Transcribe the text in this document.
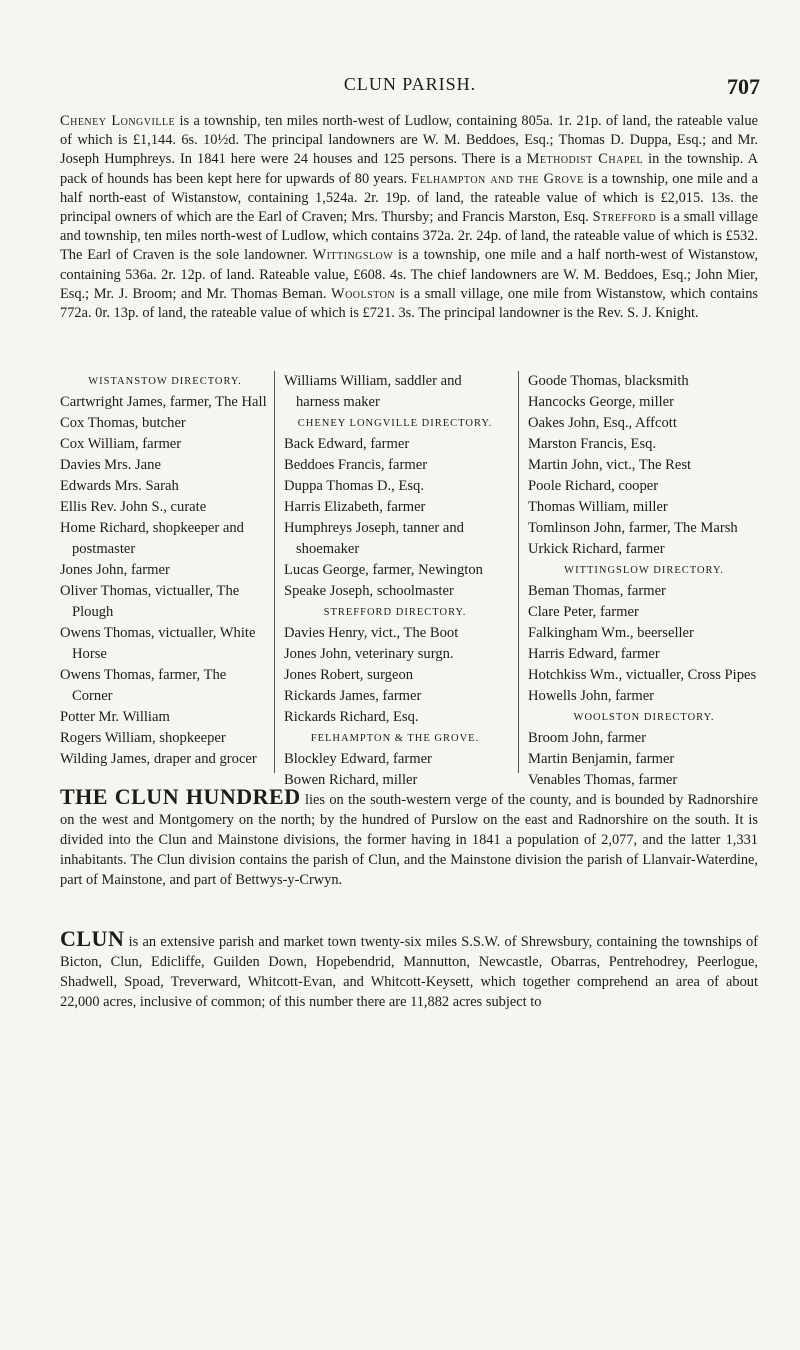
CLUN PARISH.	707

Cheney Longville is a township, ten miles north-west of Ludlow, containing 805a. 1r. 21p. of land, the rateable value of which is £1,144. 6s. 10½d. The principal landowners are W. M. Beddoes, Esq.; Thomas D. Duppa, Esq.; and Mr. Joseph Humphreys. In 1841 here were 24 houses and 125 persons. There is a Methodist Chapel in the township. A pack of hounds has been kept here for upwards of 80 years. Felhampton and the Grove is a township, one mile and a half north-east of Wistanstow, containing 1,524a. 2r. 19p. of land, the rateable value of which is £2,015. 13s. the principal owners of which are the Earl of Craven; Mrs. Thursby; and Francis Marston, Esq. Strefford is a small village and township, ten miles north-west of Ludlow, which contains 372a. 2r. 24p. of land, the rateable value of which is £532. The Earl of Craven is the sole landowner. Wittingslow is a township, one mile and a half north-west of Wistanstow, containing 536a. 2r. 12p. of land. Rateable value, £608. 4s. The chief landowners are W. M. Beddoes, Esq.; John Mier, Esq.; Mr. J. Broom; and Mr. Thomas Beman. Woolston is a small village, one mile from Wistanstow, which contains 772a. 0r. 13p. of land, the rateable value of which is £721. 3s. The principal landowner is the Rev. S. J. Knight.

WISTANSTOW DIRECTORY.

Cartwright James, farmer, The Hall

Cox Thomas, butcher

Cox William, farmer

Davies Mrs. Jane

Edwards Mrs. Sarah

Ellis Rev. John S., curate

Home Richard, shopkeeper and postmaster

Jones John, farmer

Oliver Thomas, victualler, The Plough

Owens Thomas, victualler, White Horse

Owens Thomas, farmer, The Corner

Potter Mr. William

Rogers William, shopkeeper

Wilding James, draper and grocer

Williams William, saddler and harness maker

CHENEY LONGVILLE DIRECTORY.

Back Edward, farmer

Beddoes Francis, farmer

Duppa Thomas D., Esq.

Harris Elizabeth, farmer

Humphreys Joseph, tanner and shoemaker

Lucas George, farmer, Newington

Speake Joseph, schoolmaster

STREFFORD DIRECTORY.

Davies Henry, vict., The Boot

Jones John, veterinary surgn.

Jones Robert, surgeon

Rickards James, farmer

Rickards Richard, Esq.

FELHAMPTON & THE GROVE.

Blockley Edward, farmer

Bowen Richard, miller

Goode Thomas, blacksmith

Hancocks George, miller

Oakes John, Esq., Affcott

Marston Francis, Esq.

Martin John, vict., The Rest

Poole Richard, cooper

Thomas William, miller

Tomlinson John, farmer, The Marsh

Urkick Richard, farmer

WITTINGSLOW DIRECTORY.

Beman Thomas, farmer

Clare Peter, farmer

Falkingham Wm., beerseller

Harris Edward, farmer

Hotchkiss Wm., victualler, Cross Pipes

Howells John, farmer

WOOLSTON DIRECTORY.

Broom John, farmer

Martin Benjamin, farmer

Venables Thomas, farmer

THE CLUN HUNDRED lies on the south-western verge of the county, and is bounded by Radnorshire on the west and Montgomery on the north; by the hundred of Purslow on the east and Radnorshire on the south. It is divided into the Clun and Mainstone divisions, the former having in 1841 a population of 2,077, and the latter 1,331 inhabitants. The Clun division contains the parish of Clun, and the Mainstone division the parish of Llanvair-Waterdine, part of Mainstone, and part of Bettwys-y-Crwyn.

CLUN is an extensive parish and market town twenty-six miles S.S.W. of Shrewsbury, containing the townships of Bicton, Clun, Edicliffe, Guilden Down, Hopebendrid, Mannutton, Newcastle, Obarras, Pentrehodrey, Peerlogue, Shadwell, Spoad, Treverward, Whitcott-Evan, and Whitcott-Keysett, which together comprehend an area of about 22,000 acres, inclusive of common; of this number there are 11,882 acres subject to
